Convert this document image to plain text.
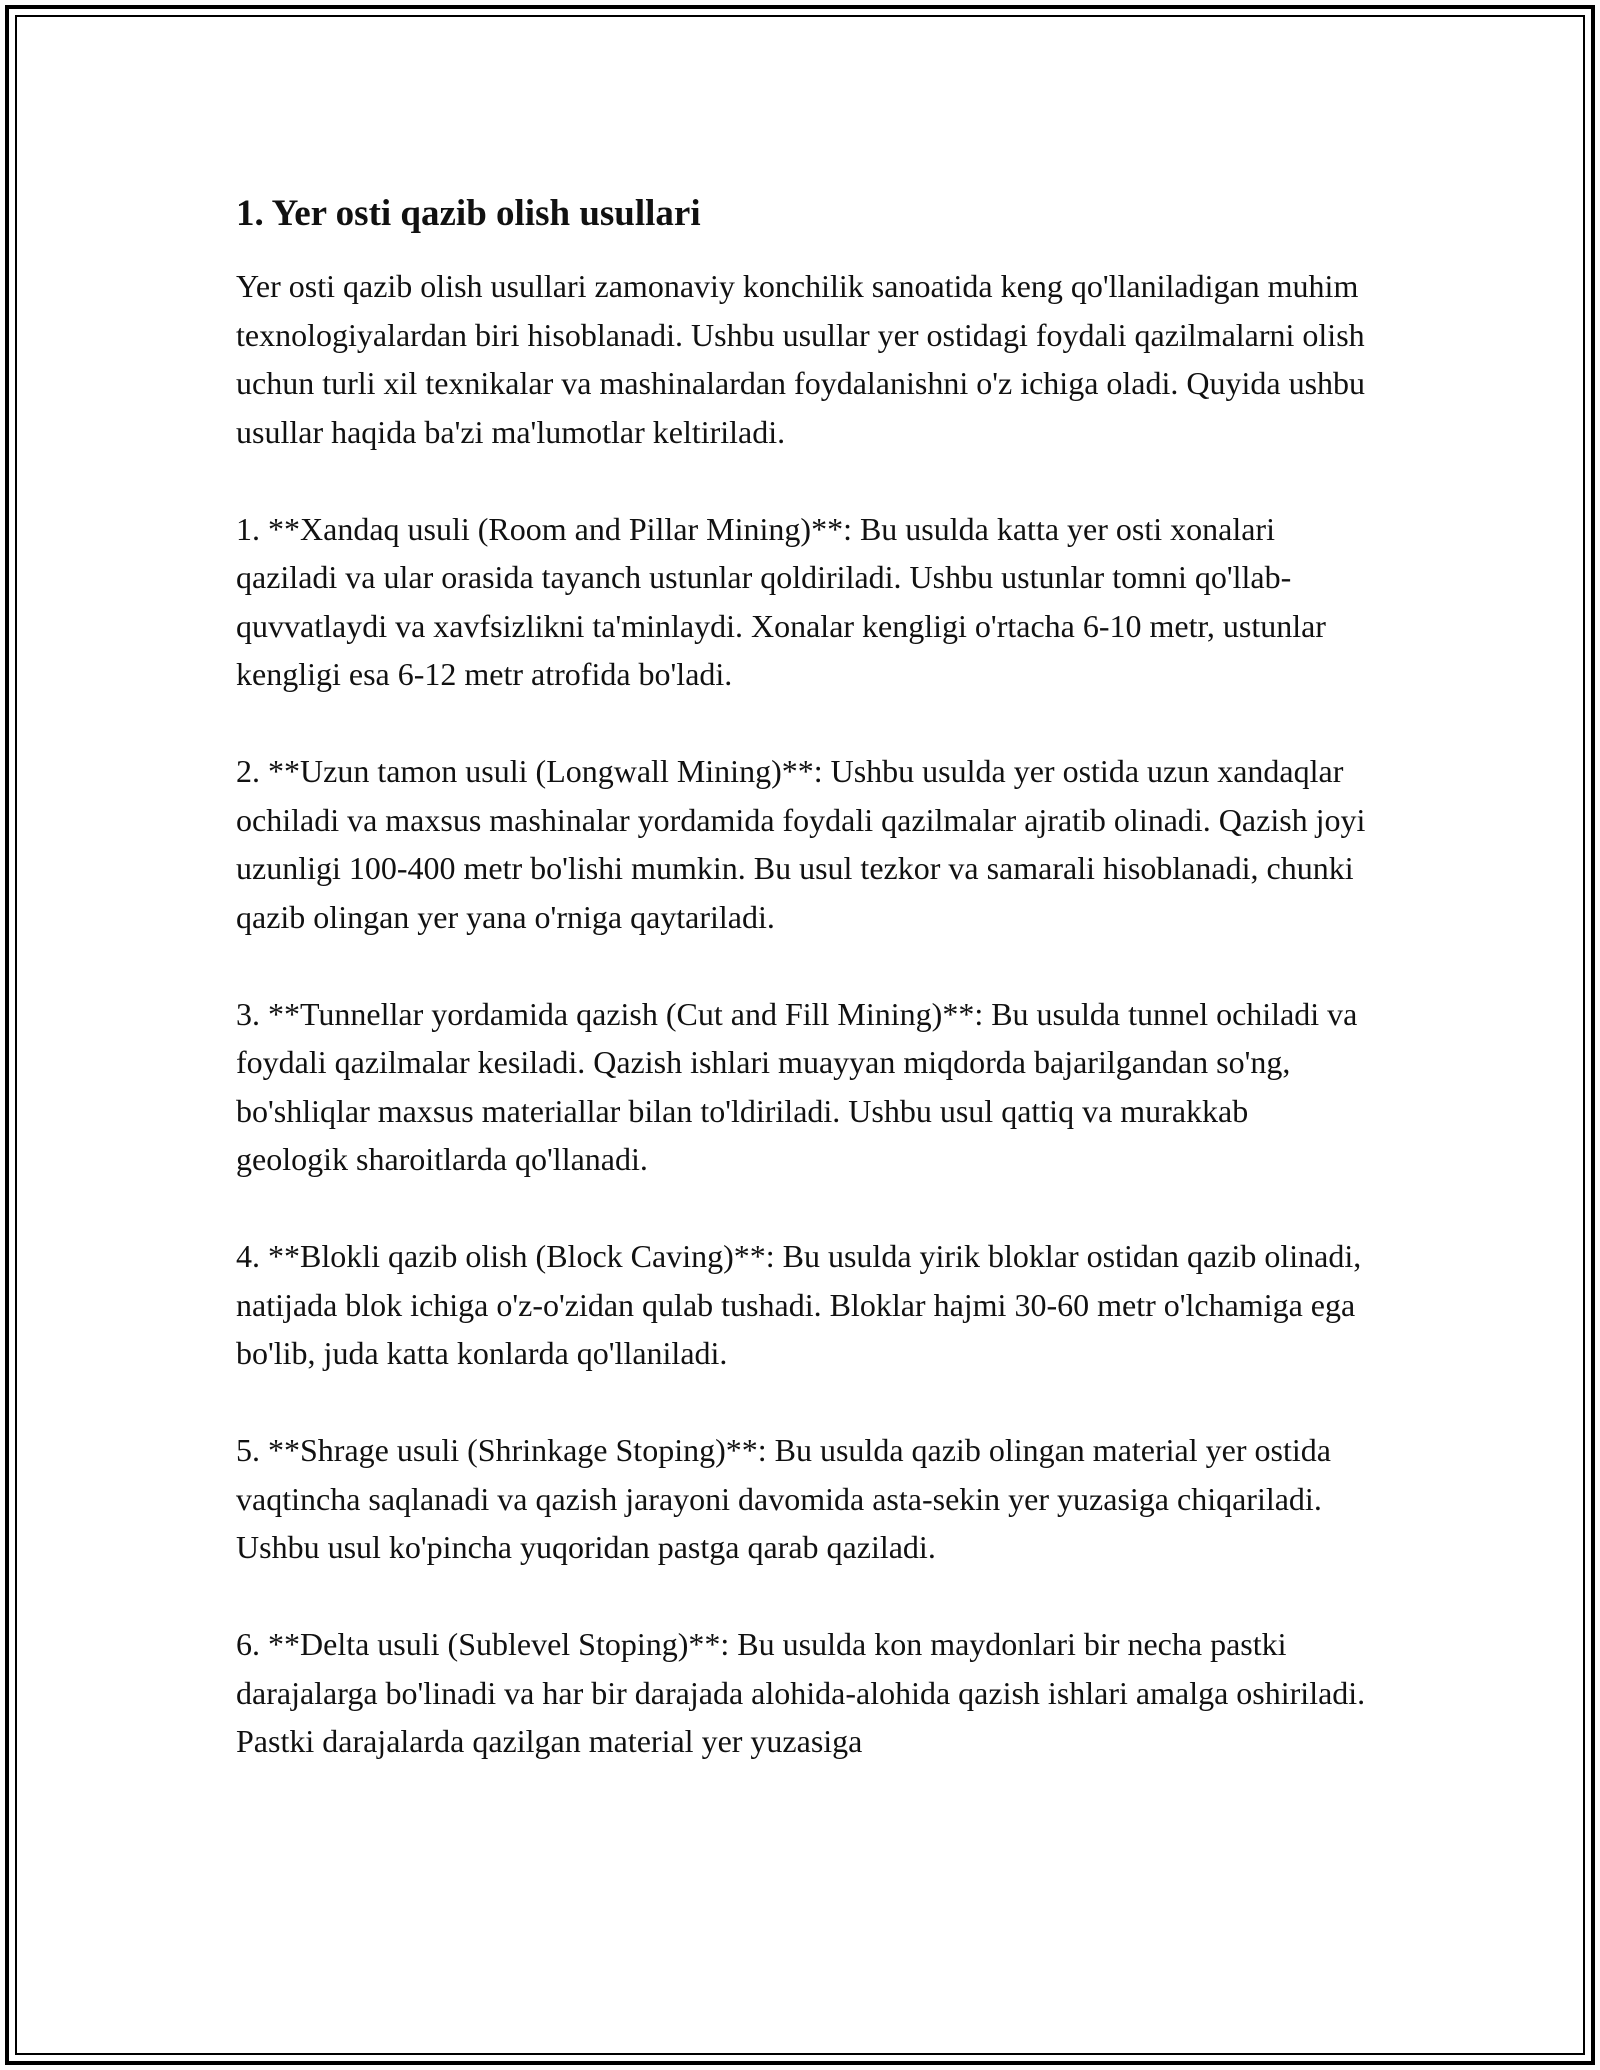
1. Yer osti qazib olish usullari

Yer osti qazib olish usullari zamonaviy konchilik sanoatida keng qo'llaniladigan muhim texnologiyalardan biri hisoblanadi. Ushbu usullar yer ostidagi foydali qazilmalarni olish uchun turli xil texnikalar va mashinalardan foydalanishni o'z ichiga oladi. Quyida ushbu usullar haqida ba'zi ma'lumotlar keltiriladi.

1. **Xandaq usuli (Room and Pillar Mining)**: Bu usulda katta yer osti xonalari qaziladi va ular orasida tayanch ustunlar qoldiriladi. Ushbu ustunlar tomni qo'llab-quvvatlaydi va xavfsizlikni ta'minlaydi. Xonalar kengligi o'rtacha 6-10 metr, ustunlar kengligi esa 6-12 metr atrofida bo'ladi.

2. **Uzun tamon usuli (Longwall Mining)**: Ushbu usulda yer ostida uzun xandaqlar ochiladi va maxsus mashinalar yordamida foydali qazilmalar ajratib olinadi. Qazish joyi uzunligi 100-400 metr bo'lishi mumkin. Bu usul tezkor va samarali hisoblanadi, chunki qazib olingan yer yana o'rniga qaytariladi.

3. **Tunnellar yordamida qazish (Cut and Fill Mining)**: Bu usulda tunnel ochiladi va foydali qazilmalar kesiladi. Qazish ishlari muayyan miqdorda bajarilgandan so'ng, bo'shliqlar maxsus materiallar bilan to'ldiriladi. Ushbu usul qattiq va murakkab geologik sharoitlarda qo'llanadi.

4. **Blokli qazib olish (Block Caving)**: Bu usulda yirik bloklar ostidan qazib olinadi, natijada blok ichiga o'z-o'zidan qulab tushadi. Bloklar hajmi 30-60 metr o'lchamiga ega bo'lib, juda katta konlarda qo'llaniladi.

5. **Shrage usuli (Shrinkage Stoping)**: Bu usulda qazib olingan material yer ostida vaqtincha saqlanadi va qazish jarayoni davomida asta-sekin yer yuzasiga chiqariladi. Ushbu usul ko'pincha yuqoridan pastga qarab qaziladi.

6. **Delta usuli (Sublevel Stoping)**: Bu usulda kon maydonlari bir necha pastki darajalarga bo'linadi va har bir darajada alohida-alohida qazish ishlari amalga oshiriladi. Pastki darajalarda qazilgan material yer yuzasiga
